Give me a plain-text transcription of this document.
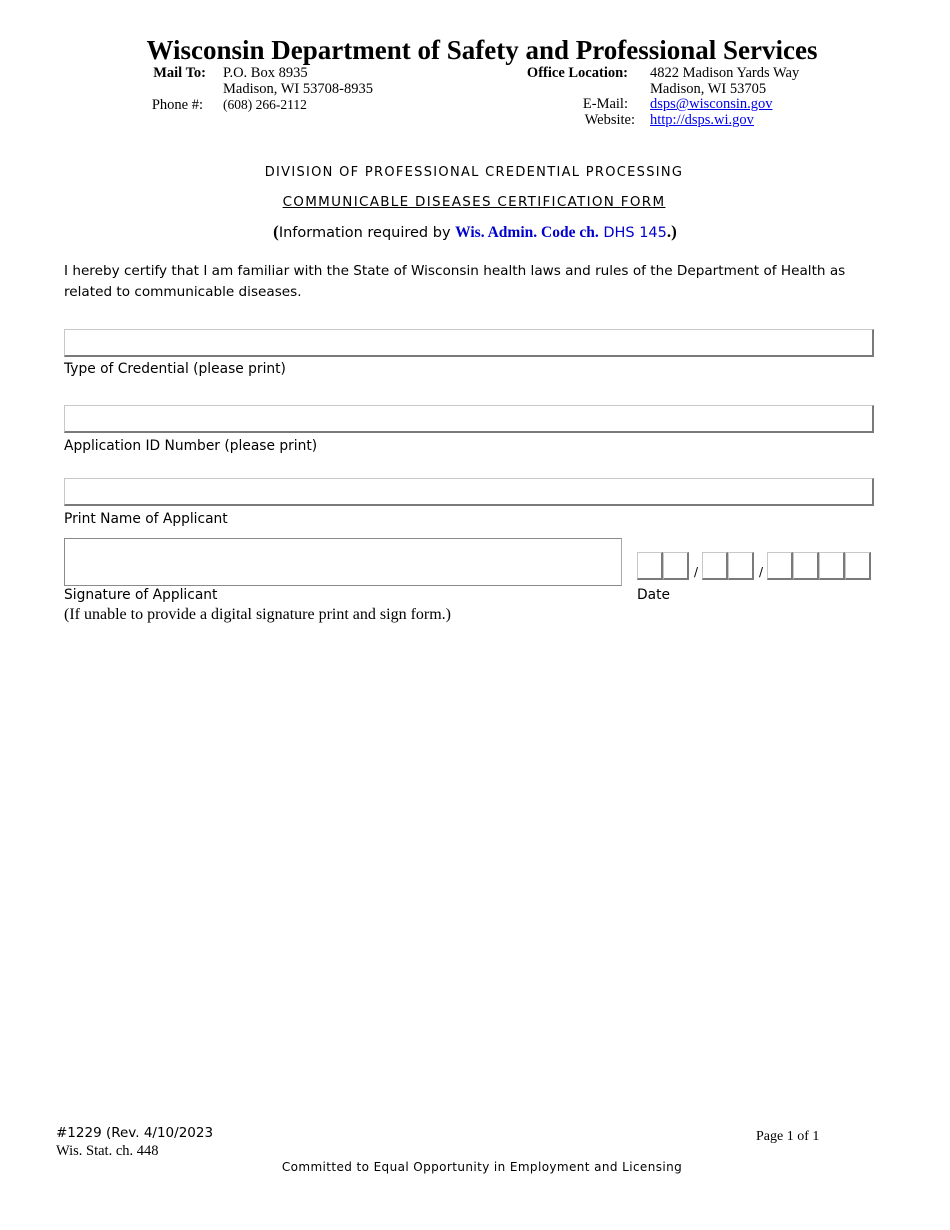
Wisconsin Department of Safety and Professional Services
Mail To: P.O. Box 8935
Madison, WI 53708-8935
Phone #: (608) 266-2112
Office Location: 4822 Madison Yards Way
Madison, WI 53705
E-Mail: dsps@wisconsin.gov
Website: http://dsps.wi.gov
DIVISION OF PROFESSIONAL CREDENTIAL PROCESSING
COMMUNICABLE DISEASES CERTIFICATION FORM
(Information required by Wis. Admin. Code ch. DHS 145.)
I hereby certify that I am familiar with the State of Wisconsin health laws and rules of the Department of Health as related to communicable diseases.
Type of Credential (please print)
Application ID Number (please print)
Print Name of Applicant
Signature of Applicant
(If unable to provide a digital signature print and sign form.)
/	/
Date
#1229 (Rev. 4/10/2023
Wis. Stat. ch. 448
Page 1 of 1
Committed to Equal Opportunity in Employment and Licensing
